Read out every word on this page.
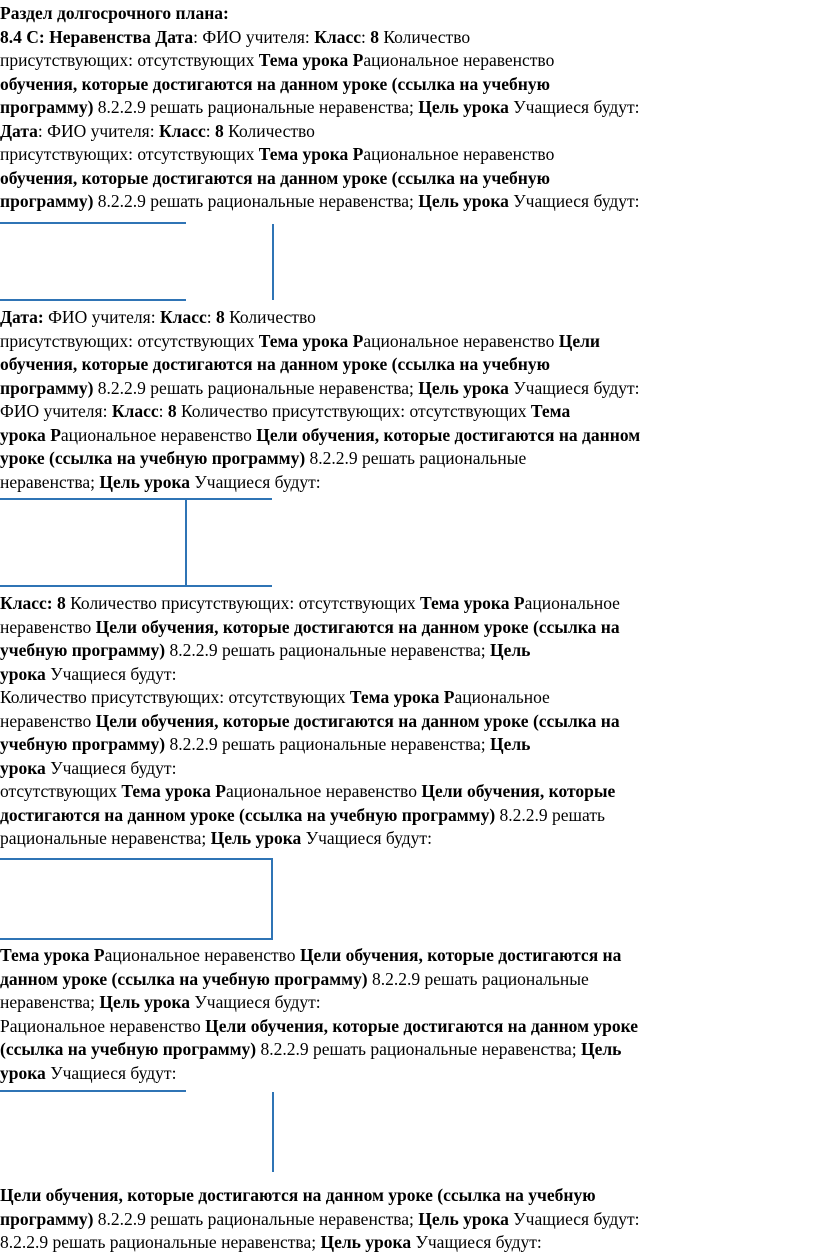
Раздел долгосрочного плана:

8.4 С: Неравенства Дата: ФИО учителя: Класс: 8 Количество

присутствующих: отсутствующих Тема урока Рациональное неравенство

обучения, которые достигаются на данном уроке (ссылка на учебную

программу) 8.2.2.9 решать рациональные неравенства; Цель урока Учащиеся будут:

Дата: ФИО учителя: Класс: 8 Количество

присутствующих: отсутствующих Тема урока Рациональное неравенство

обучения, которые достигаются на данном уроке (ссылка на учебную

программу) 8.2.2.9 решать рациональные неравенства; Цель урока Учащиеся будут:

Дата: ФИО учителя: Класс: 8 Количество

присутствующих: отсутствующих Тема урока Рациональное неравенство Цели

обучения, которые достигаются на данном уроке (ссылка на учебную

программу) 8.2.2.9 решать рациональные неравенства; Цель урока Учащиеся будут:

ФИО учителя: Класс: 8 Количество присутствующих: отсутствующих Тема

урока Рациональное неравенство Цели обучения, которые достигаются на данном

уроке (ссылка на учебную программу) 8.2.2.9 решать рациональные

неравенства; Цель урока Учащиеся будут:

Класс: 8 Количество присутствующих: отсутствующих Тема урока Рациональное

неравенство Цели обучения, которые достигаются на данном уроке (ссылка на

учебную программу) 8.2.2.9 решать рациональные неравенства; Цель

урока Учащиеся будут:

Количество присутствующих: отсутствующих Тема урока Рациональное

неравенство Цели обучения, которые достигаются на данном уроке (ссылка на

учебную программу) 8.2.2.9 решать рациональные неравенства; Цель

урока Учащиеся будут:

отсутствующих Тема урока Рациональное неравенство Цели обучения, которые

достигаются на данном уроке (ссылка на учебную программу) 8.2.2.9 решать

рациональные неравенства; Цель урока Учащиеся будут:

Тема урока Рациональное неравенство Цели обучения, которые достигаются на

данном уроке (ссылка на учебную программу) 8.2.2.9 решать рациональные

неравенства; Цель урока Учащиеся будут:

Рациональное неравенство Цели обучения, которые достигаются на данном уроке

(ссылка на учебную программу) 8.2.2.9 решать рациональные неравенства; Цель

урока Учащиеся будут:

Цели обучения, которые достигаются на данном уроке (ссылка на учебную

программу) 8.2.2.9 решать рациональные неравенства; Цель урока Учащиеся будут:

8.2.2.9 решать рациональные неравенства; Цель урока Учащиеся будут:
